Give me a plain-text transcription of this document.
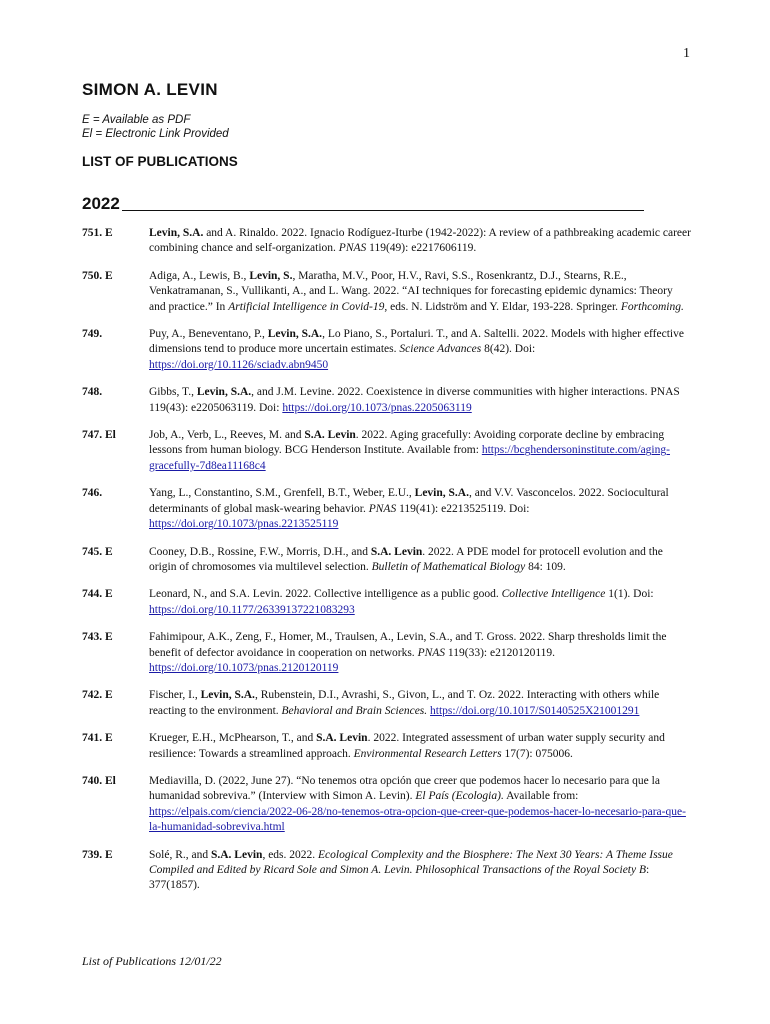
1
SIMON A. LEVIN
E = Available as PDF
El = Electronic Link Provided
LIST OF PUBLICATIONS
2022
751. E	Levin, S.A. and A. Rinaldo. 2022. Ignacio Rodíguez-Iturbe (1942-2022): A review of a pathbreaking academic career combining chance and self-organization. PNAS 119(49): e2217606119.
750. E	Adiga, A., Lewis, B., Levin, S., Maratha, M.V., Poor, H.V., Ravi, S.S., Rosenkrantz, D.J., Stearns, R.E., Venkatramanan, S., Vullikanti, A., and L. Wang. 2022. “AI techniques for forecasting epidemic dynamics: Theory and practice.” In Artificial Intelligence in Covid-19, eds. N. Lidström and Y. Eldar, 193-228. Springer. Forthcoming.
749.	Puy, A., Beneventano, P., Levin, S.A., Lo Piano, S., Portaluri. T., and A. Saltelli. 2022. Models with higher effective dimensions tend to produce more uncertain estimates. Science Advances 8(42). Doi: https://doi.org/10.1126/sciadv.abn9450
748.	Gibbs, T., Levin, S.A., and J.M. Levine. 2022. Coexistence in diverse communities with higher interactions. PNAS 119(43): e2205063119. Doi: https://doi.org/10.1073/pnas.2205063119
747. El	Job, A., Verb, L., Reeves, M. and S.A. Levin. 2022. Aging gracefully: Avoiding corporate decline by embracing lessons from human biology. BCG Henderson Institute. Available from: https://bcghendersoninstitute.com/aging-gracefully-7d8ea11168c4
746.	Yang, L., Constantino, S.M., Grenfell, B.T., Weber, E.U., Levin, S.A., and V.V. Vasconcelos. 2022. Sociocultural determinants of global mask-wearing behavior. PNAS 119(41): e2213525119. Doi: https://doi.org/10.1073/pnas.2213525119
745. E	Cooney, D.B., Rossine, F.W., Morris, D.H., and S.A. Levin. 2022. A PDE model for protocell evolution and the origin of chromosomes via multilevel selection. Bulletin of Mathematical Biology 84: 109.
744. E	Leonard, N., and S.A. Levin. 2022. Collective intelligence as a public good. Collective Intelligence 1(1). Doi: https://doi.org/10.1177/26339137221083293
743. E	Fahimipour, A.K., Zeng, F., Homer, M., Traulsen, A., Levin, S.A., and T. Gross. 2022. Sharp thresholds limit the benefit of defector avoidance in cooperation on networks. PNAS 119(33): e2120120119. https://doi.org/10.1073/pnas.2120120119
742. E	Fischer, I., Levin, S.A., Rubenstein, D.I., Avrashi, S., Givon, L., and T. Oz. 2022. Interacting with others while reacting to the environment. Behavioral and Brain Sciences. https://doi.org/10.1017/S0140525X21001291
741. E	Krueger, E.H., McPhearson, T., and S.A. Levin. 2022. Integrated assessment of urban water supply security and resilience: Towards a streamlined approach. Environmental Research Letters 17(7): 075006.
740. El	Mediavilla, D. (2022, June 27). “No tenemos otra opción que creer que podemos hacer lo necesario para que la humanidad sobreviva.” (Interview with Simon A. Levin). El País (Ecologia). Available from: https://elpais.com/ciencia/2022-06-28/no-tenemos-otra-opcion-que-creer-que-podemos-hacer-lo-necesario-para-que-la-humanidad-sobreviva.html
739. E	Solé, R., and S.A. Levin, eds. 2022. Ecological Complexity and the Biosphere: The Next 30 Years: A Theme Issue Compiled and Edited by Ricard Sole and Simon A. Levin. Philosophical Transactions of the Royal Society B: 377(1857).
List of Publications 12/01/22
